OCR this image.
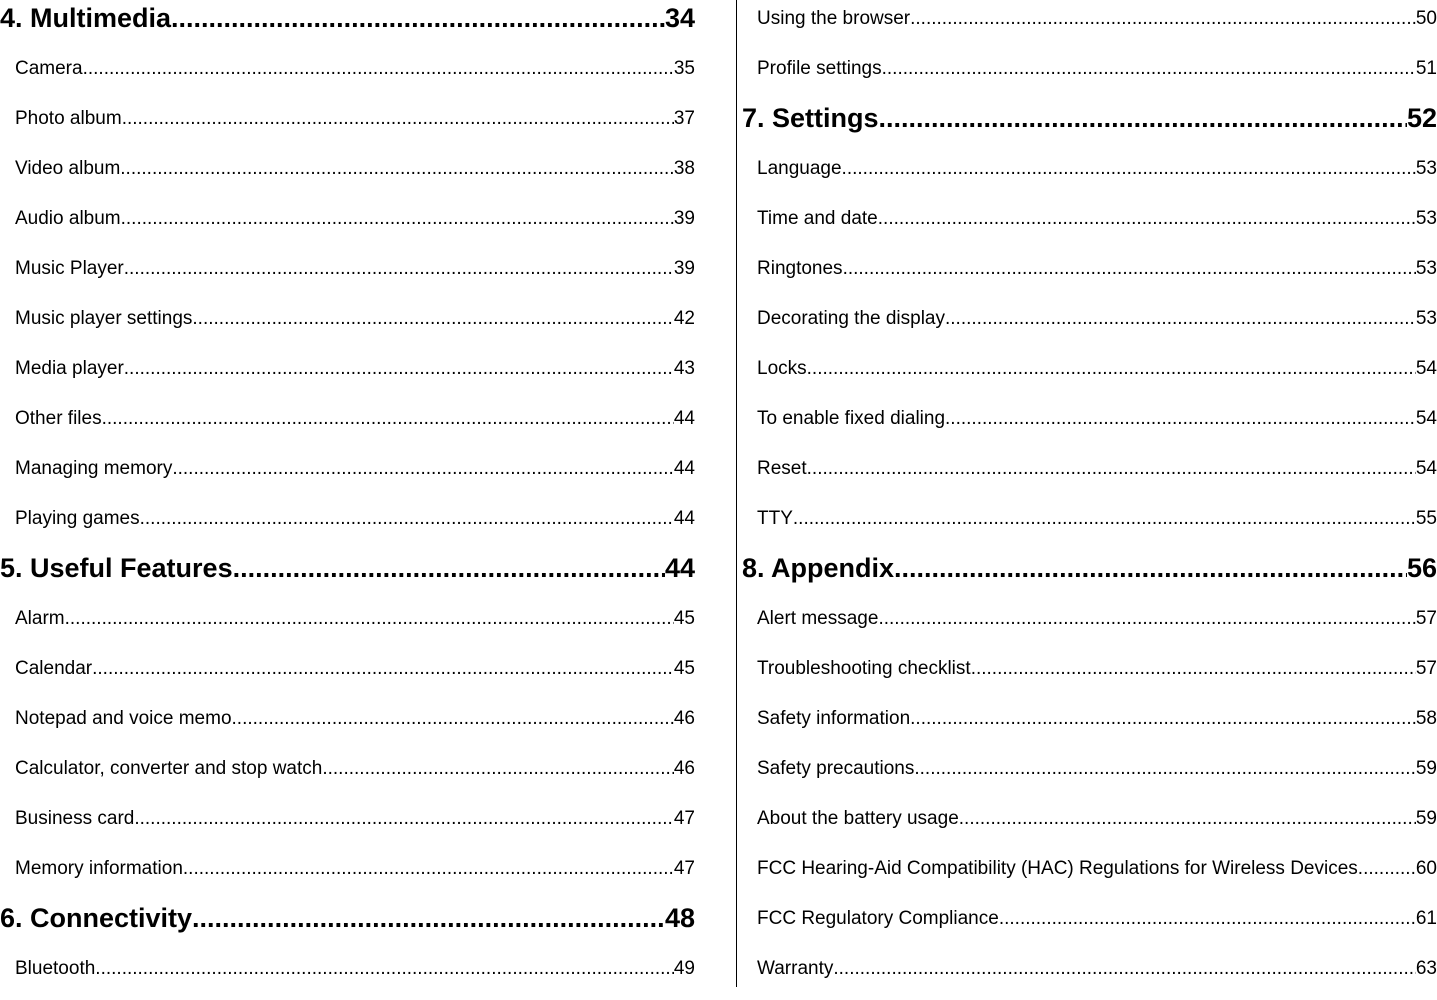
4. Multimedia .....	34
Camera .....	35
Photo album .....	37
Video album .....	38
Audio album .....	39
Music Player .....	39
Music player settings .....	42
Media player .....	43
Other files .....	44
Managing memory .....	44
Playing games .....	44
5. Useful Features .....	44
Alarm .....	45
Calendar .....	45
Notepad and voice memo .....	46
Calculator, converter and stop watch .....	46
Business card .....	47
Memory information .....	47
6. Connectivity .....	48
Bluetooth .....	49
Using the browser .....	50
Profile settings .....	51
7. Settings .....	52
Language .....	53
Time and date .....	53
Ringtones .....	53
Decorating the display .....	53
Locks .....	54
To enable fixed dialing .....	54
Reset .....	54
TTY .....	55
8. Appendix .....	56
Alert message .....	57
Troubleshooting checklist .....	57
Safety information .....	58
Safety precautions .....	59
About the battery usage .....	59
FCC Hearing-Aid Compatibility (HAC) Regulations for Wireless Devices .....	60
FCC Regulatory Compliance .....	61
Warranty .....	63
